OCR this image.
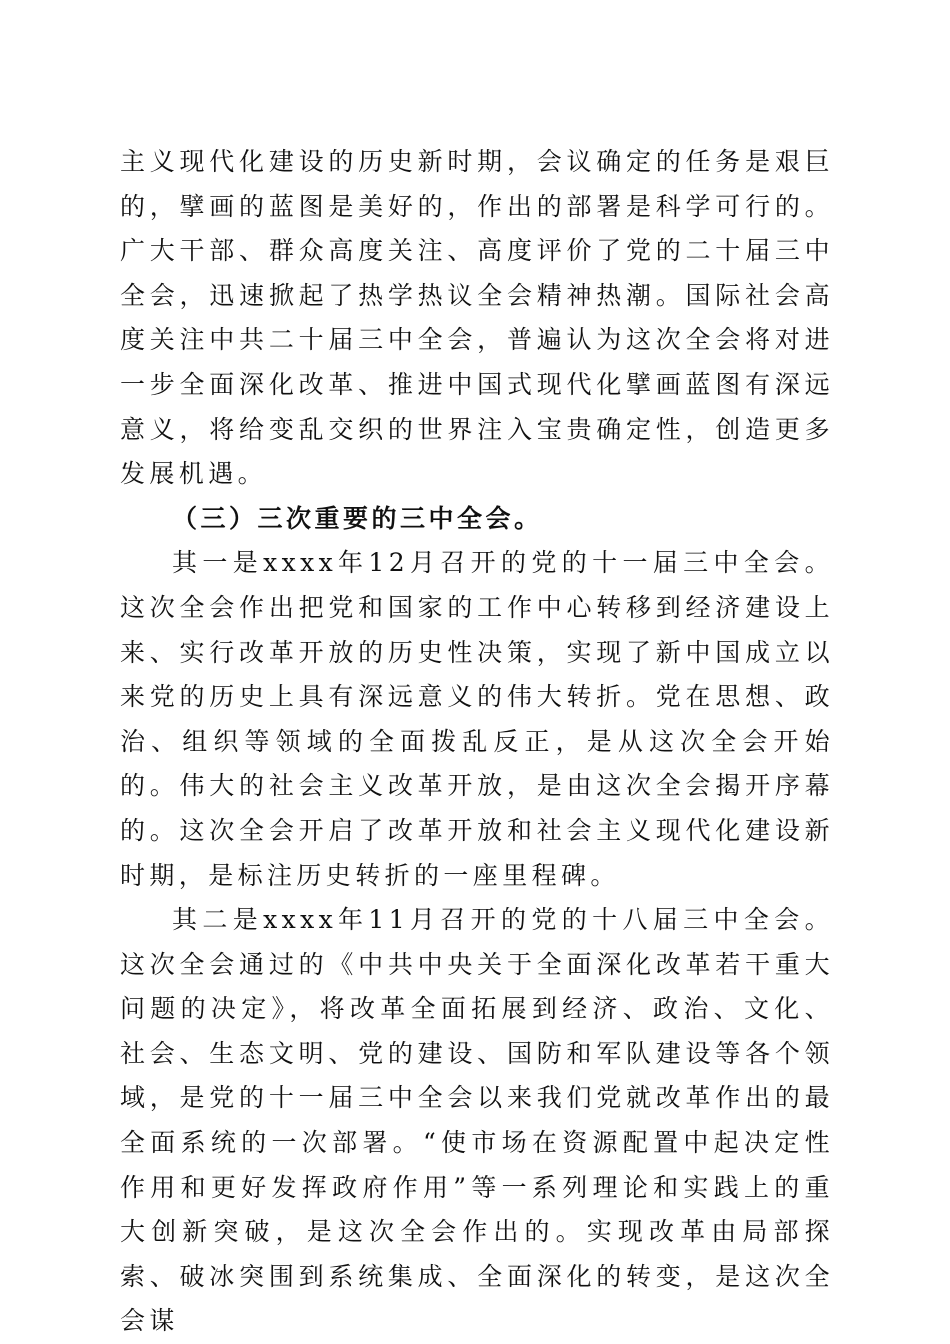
主义现代化建设的历史新时期，会议确定的任务是艰巨的，擘画的蓝图是美好的，作出的部署是科学可行的。广大干部、群众高度关注、高度评价了党的二十届三中全会，迅速掀起了热学热议全会精神热潮。国际社会高度关注中共二十届三中全会，普遍认为这次全会将对进一步全面深化改革、推进中国式现代化擘画蓝图有深远意义，将给变乱交织的世界注入宝贵确定性，创造更多发展机遇。

（三）三次重要的三中全会。

其一是xxxx年12月召开的党的十一届三中全会。这次全会作出把党和国家的工作中心转移到经济建设上来、实行改革开放的历史性决策，实现了新中国成立以来党的历史上具有深远意义的伟大转折。党在思想、政治、组织等领域的全面拨乱反正，是从这次全会开始的。伟大的社会主义改革开放，是由这次全会揭开序幕的。这次全会开启了改革开放和社会主义现代化建设新时期，是标注历史转折的一座里程碑。

其二是xxxx年11月召开的党的十八届三中全会。这次全会通过的《中共中央关于全面深化改革若干重大问题的决定》，将改革全面拓展到经济、政治、文化、社会、生态文明、党的建设、国防和军队建设等各个领域，是党的十一届三中全会以来我们党就改革作出的最全面系统的一次部署。“使市场在资源配置中起决定性作用和更好发挥政府作用”等一系列理论和实践上的重大创新突破，是这次全会作出的。实现改革由局部探索、破冰突围到系统集成、全面深化的转变，是这次全会谋
